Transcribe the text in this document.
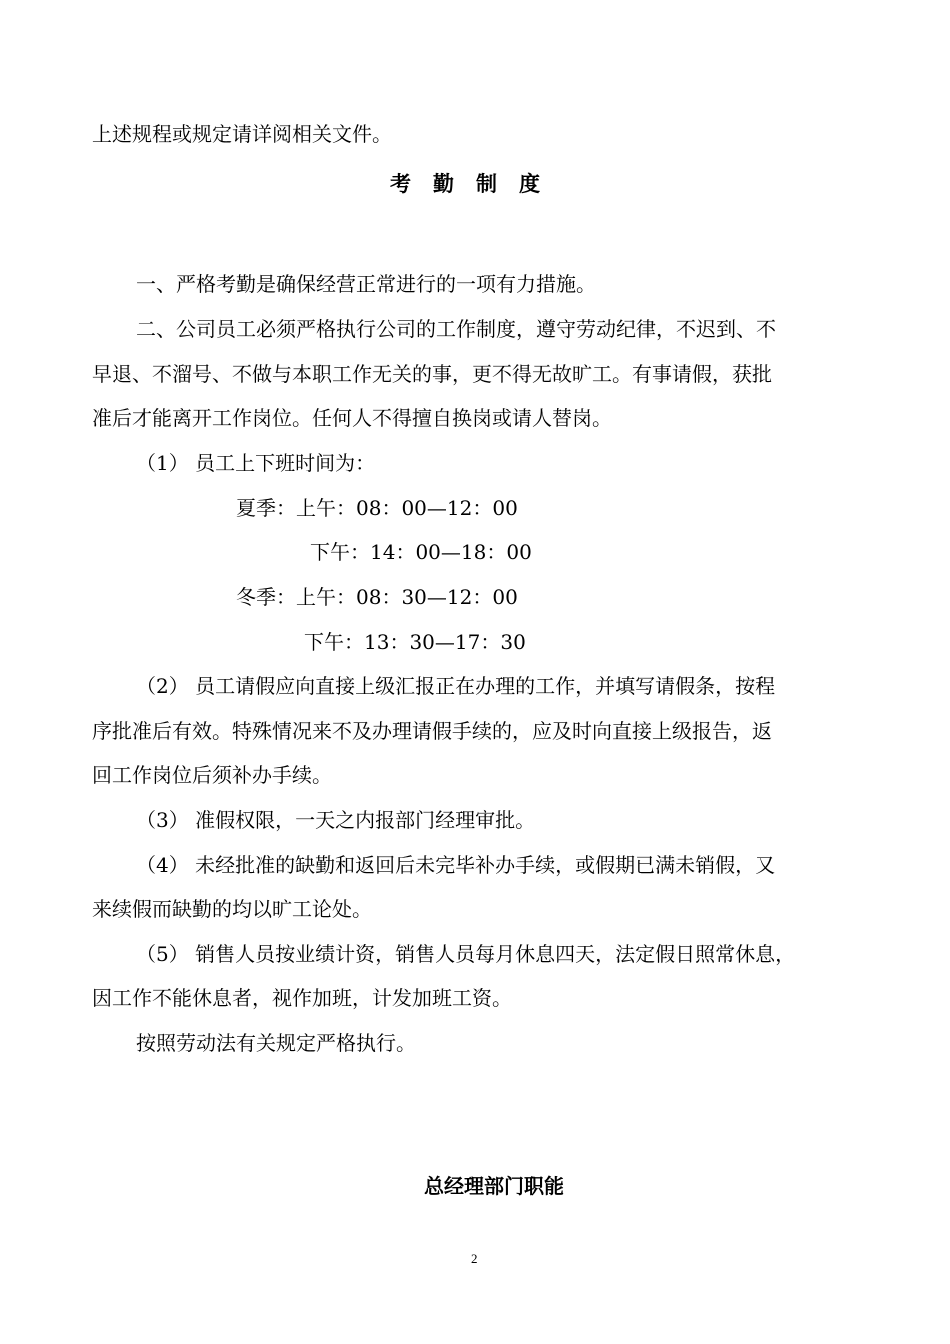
上述规程或规定请详阅相关文件。
考 勤 制 度
一、严格考勤是确保经营正常进行的一项有力措施。
二、公司员工必须严格执行公司的工作制度，遵守劳动纪律，不迟到、不
早退、不溜号、不做与本职工作无关的事，更不得无故旷工。有事请假，获批
准后才能离开工作岗位。任何人不得擅自换岗或请人替岗。
（1） 员工上下班时间为：
夏季：上午：08：00—12：00
下午：14：00—18：00
冬季：上午：08：30—12：00
下午：13：30—17：30
（2） 员工请假应向直接上级汇报正在办理的工作，并填写请假条，按程
序批准后有效。特殊情况来不及办理请假手续的，应及时向直接上级报告，返
回工作岗位后须补办手续。
（3） 准假权限，一天之内报部门经理审批。
（4） 未经批准的缺勤和返回后未完毕补办手续，或假期已满未销假，又
来续假而缺勤的均以旷工论处。
（5） 销售人员按业绩计资，销售人员每月休息四天，法定假日照常休息，
因工作不能休息者，视作加班，计发加班工资。
按照劳动法有关规定严格执行。
总经理部门职能
2
